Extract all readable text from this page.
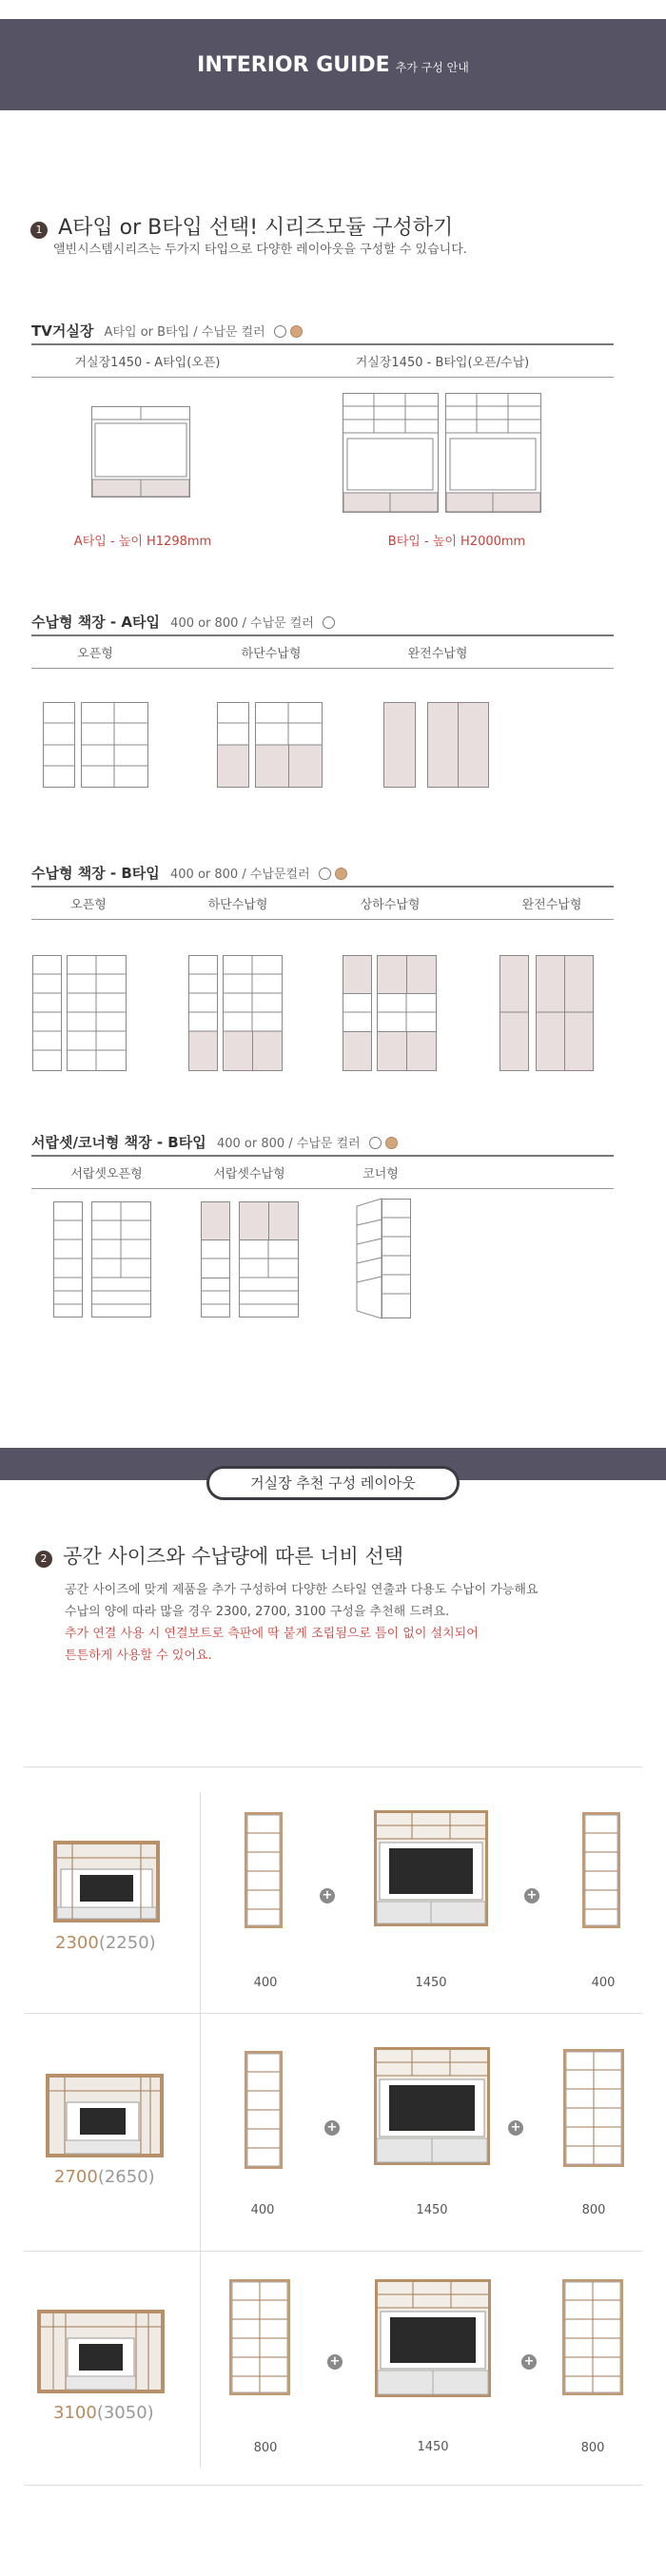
INTERIOR GUIDE 추가 구성 안내
1 A타입 or B타입 선택! 시리즈모듈 구성하기
앨빈시스템시리즈는 두가지 타입으로 다양한 레이아웃을 구성할 수 있습니다.
TV거실장 A타입 or B타입 / 수납문 컬러
거실장1450 - A타입(오픈)	거실장1450 - B타입(오픈/수납)
A타입 - 높이 H1298mm	B타입 - 높이 H2000mm
수납형 책장 - A타입 400 or 800 / 수납문 컬러
오픈형	하단수납형	완전수납형
수납형 책장 - B타입 400 or 800 / 수납문컬러
오픈형	하단수납형	상하수납형	완전수납형
서랍셋/코너형 책장 - B타입 400 or 800 / 수납문 컬러
서랍셋오픈형	서랍셋수납형	코너형
거실장 추천 구성 레이아웃
2 공간 사이즈와 수납량에 따른 너비 선택
공간 사이즈에 맞게 제품을 추가 구성하여 다양한 스타일 연출과 다용도 수납이 가능해요
수납의 양에 따라 많을 경우 2300, 2700, 3100 구성을 추천해 드려요.
추가 연결 사용 시 연결보트로 측판에 딱 붙게 조립됨으로 틈이 없이 설치되어
튼튼하게 사용할 수 있어요.
2300(2250)
400
+
1450
+
400
2700(2650)
400
+
1450
+
800
3100(3050)
800
+
1450
+
800
